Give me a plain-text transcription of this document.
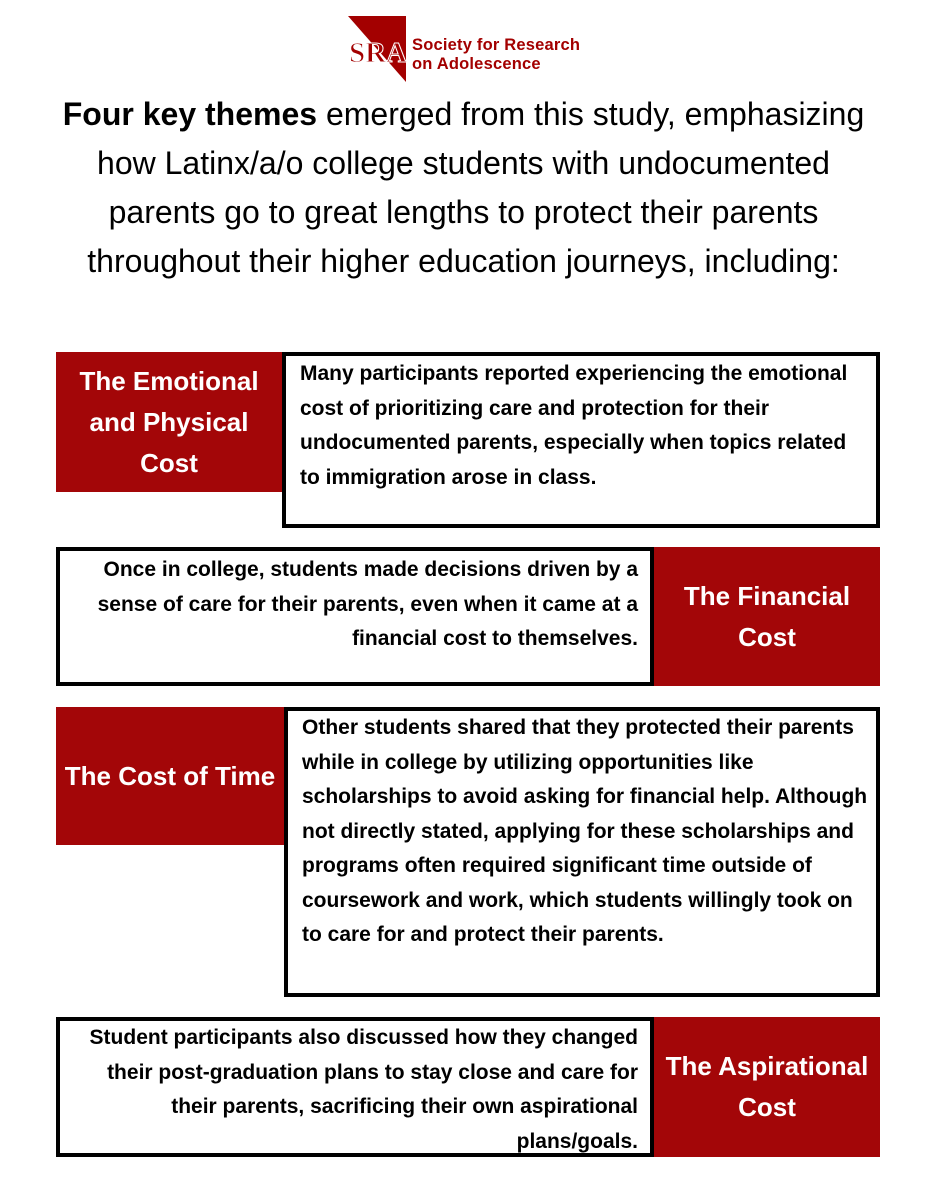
SRA Society for Research
on Adolescence
Four key themes emerged from this study, emphasizing how Latinx/a/o college students with undocumented parents go to great lengths to protect their parents throughout their higher education journeys, including:
The Emotional and Physical Cost
Many participants reported experiencing the emotional cost of prioritizing care and protection for their undocumented parents, especially when topics related to immigration arose in class.
Once in college, students made decisions driven by a sense of care for their parents, even when it came at a financial cost to themselves.
The Financial Cost
The Cost of Time
Other students shared that they protected their parents while in college by utilizing opportunities like scholarships to avoid asking for financial help. Although not directly stated, applying for these scholarships and programs often required significant time outside of coursework and work, which students willingly took on to care for and protect their parents.
Student participants also discussed how they changed their post-graduation plans to stay close and care for their parents, sacrificing their own aspirational plans/goals.
The Aspirational Cost
